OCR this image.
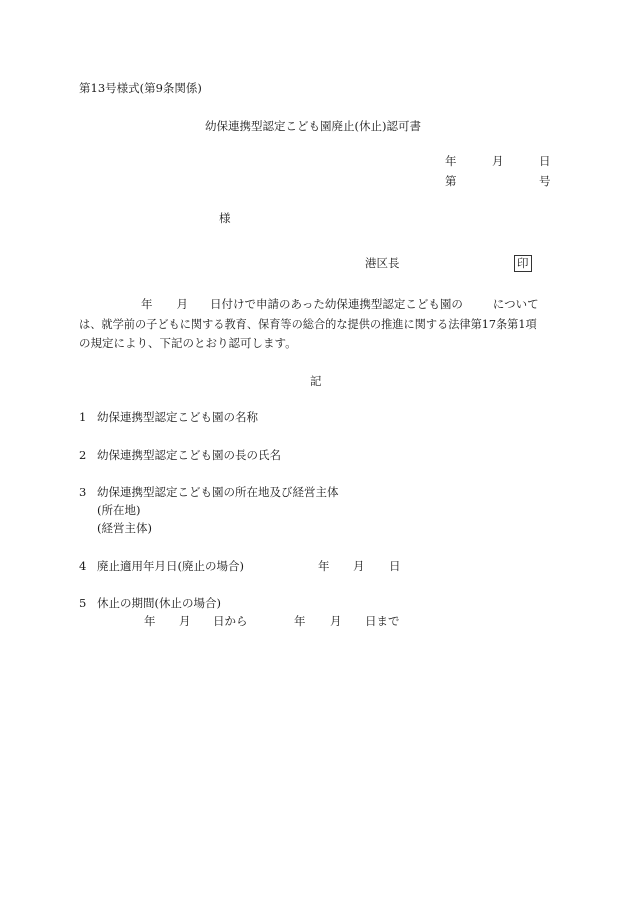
第13号様式(第9条関係)
幼保連携型認定こども園廃止(休止)認可書
年	月	日
第	号
様
港区長	印
年 月 日付けで申請のあった幼保連携型認定こども園の	について
は、就学前の子どもに関する教育、保育等の総合的な提供の推進に関する法律第17条第1項
の規定により、下記のとおり認可します。
記
1 幼保連携型認定こども園の名称
2 幼保連携型認定こども園の長の氏名
3 幼保連携型認定こども園の所在地及び経営主体
(所在地)
(経営主体)
4 廃止適用年月日(廃止の場合)	年 月 日
5 休止の期間(休止の場合)
年 月 日から	年 月 日まで
